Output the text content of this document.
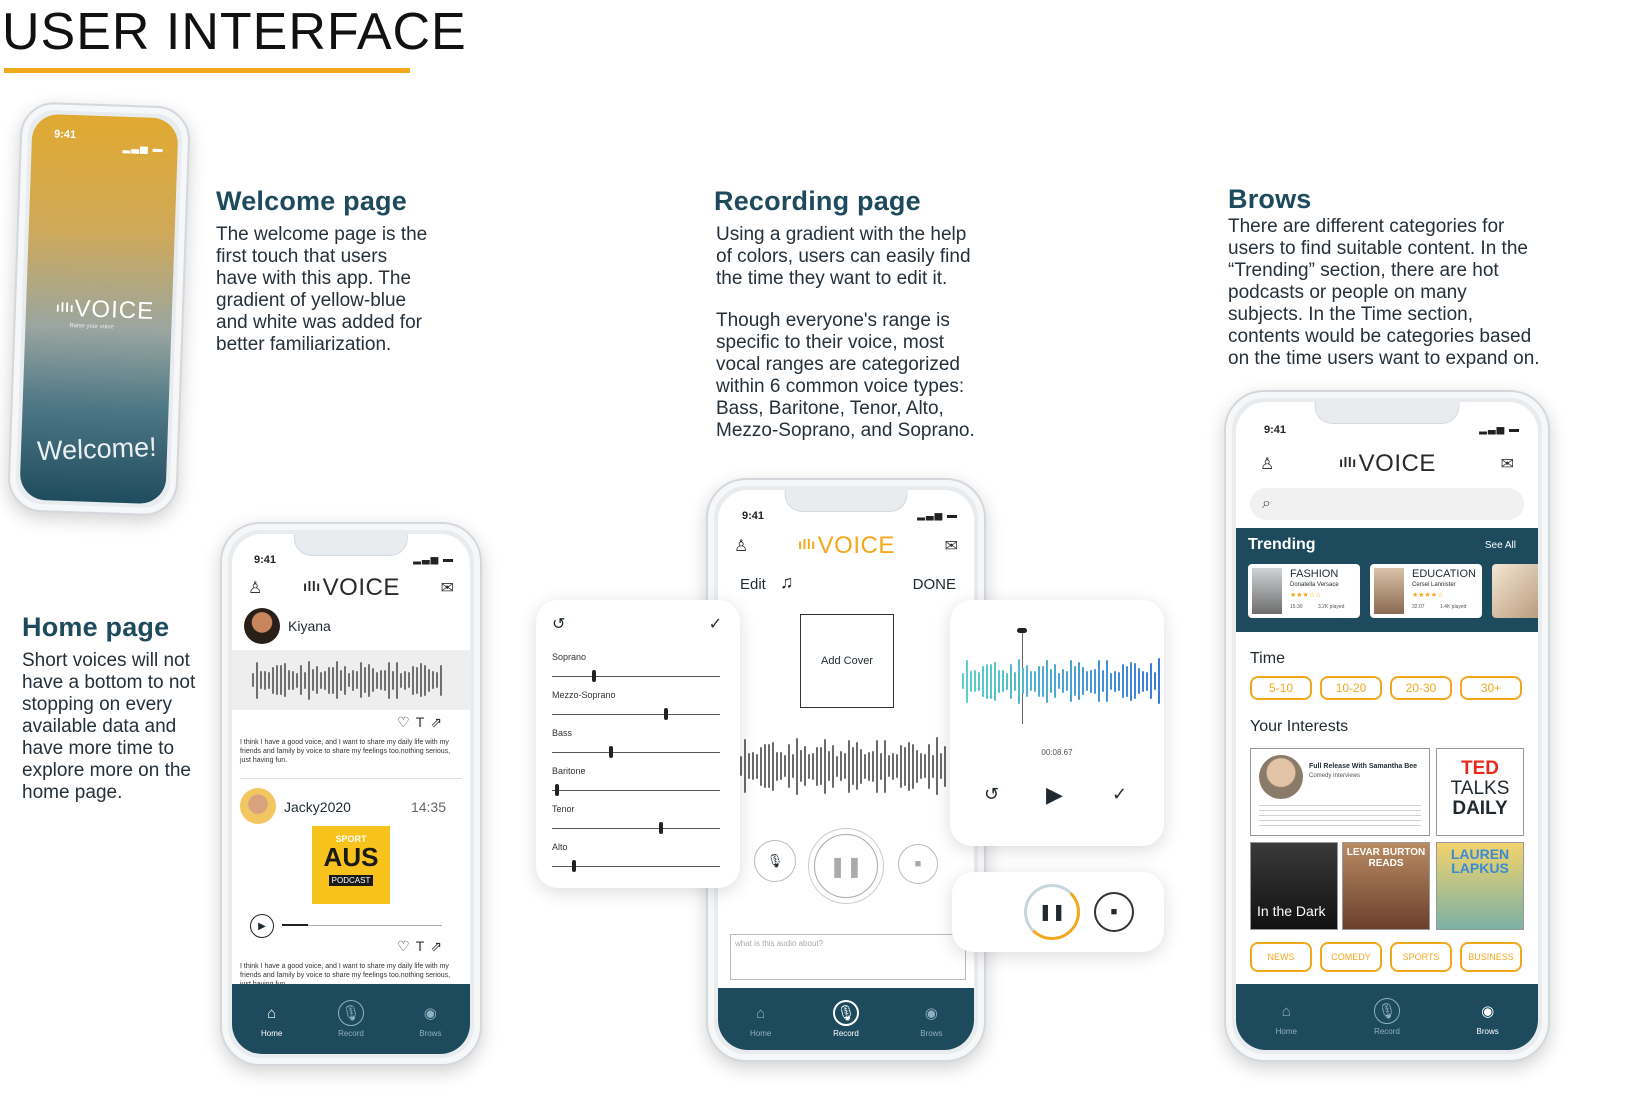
USER INTERFACE
9:41
▂▃▅ ▬
ıllıVOICE
Raise your voice
Welcome!
Welcome page
The welcome page is the
first touch that users
have with this app. The
gradient of yellow-blue
and white was added for
better familiarization.
Home page
Short voices will not
have a bottom to not
stopping on every
available data and
have more time to
explore more on the
home page.
9:41	▂▃▅ ▬
♙	ıllıVOICE	✉
Kiyana
♡T⇗
I think I have a good voice, and I want to share my daily life with my friends and family by voice to share my feelings too.nothing serious, just having fun.
Jacky2020	14:35
SPORT
AUS
PODCAST
▶
♡T⇗
I think I have a good voice, and I want to share my daily life with my friends and family by voice to share my feelings too.nothing serious,
⌂
Home
🎙
Record
◉
Brows
Recording page
Using a gradient with the help
of colors, users can easily find
the time they want to edit it.
Though everyone's range is
specific to their voice, most
vocal ranges are categorized
within 6 common voice types:
Bass, Baritone, Tenor, Alto,
Mezzo-Soprano, and Soprano.
9:41	▂▃▅ ▬
♙	ıllıVOICE	✉
Edit ♫	DONE
Add Cover
🎙 ❚❚	■
what is this audio about?
⌂
Home
🎙
Record
◉
Brows
↺	✓
Soprano
Mezzo-Soprano
Bass
Baritone
Tenor
Alto
00:08.67
↺ ▶	✓
❚❚	■
Brows
There are different categories for
users to find suitable content. In the
“Trending” section, there are hot
podcasts or people on many
subjects. In the Time section,
contents would be categories based
on the time users want to expand on.
9:41	▂▃▅ ▬
♙	ıllıVOICE	✉
⌕
Trending	See All
FASHION
Donatella Versace
★★★☆☆
15:30	3.2K played
EDUCATION
Cersei Lannister
★★★★☆
32:07	1.4K played
Time
5-10	10-20	20-30	30+
Your Interests
Full Release With Samantha Bee
Comedy Interviews	TED
TALKS
DAILY
In the Dark
LEVAR BURTON READS
LAUREN LAPKUS
NEWS	COMEDY	SPORTS	BUSINESS
⌂
Home
🎙
Record
◉
Brows
